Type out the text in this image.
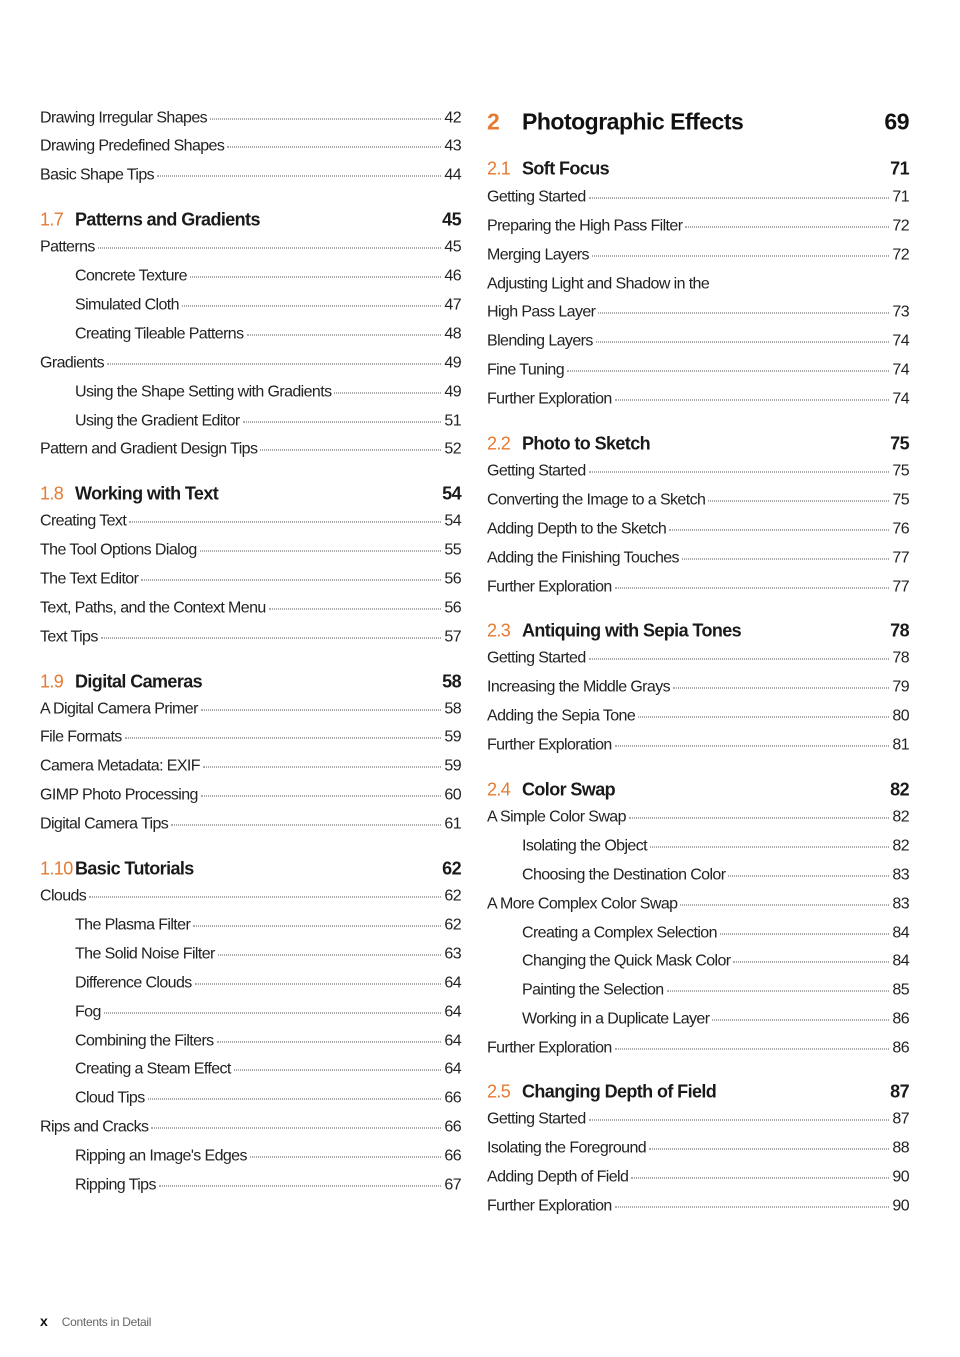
Drawing Irregular Shapes	42
Drawing Predefined Shapes	43
Basic Shape Tips	44
1.7 Patterns and Gradients	45
Patterns	45
Concrete Texture	46
Simulated Cloth	47
Creating Tileable Patterns	48
Gradients	49
Using the Shape Setting with Gradients	49
Using the Gradient Editor	51
Pattern and Gradient Design Tips	52
1.8 Working with Text	54
Creating Text	54
The Tool Options Dialog	55
The Text Editor	56
Text, Paths, and the Context Menu	56
Text Tips	57
1.9 Digital Cameras	58
A Digital Camera Primer	58
File Formats	59
Camera Metadata: EXIF	59
GIMP Photo Processing	60
Digital Camera Tips	61
1.10 Basic Tutorials	62
Clouds	62
The Plasma Filter	62
The Solid Noise Filter	63
Difference Clouds	64
Fog	64
Combining the Filters	64
Creating a Steam Effect	64
Cloud Tips	66
Rips and Cracks	66
Ripping an Image's Edges	66
Ripping Tips	67
2 Photographic Effects	69
2.1 Soft Focus	71
Getting Started	71
Preparing the High Pass Filter	72
Merging Layers	72
Adjusting Light and Shadow in the
High Pass Layer	73
Blending Layers	74
Fine Tuning	74
Further Exploration	74
2.2 Photo to Sketch	75
Getting Started	75
Converting the Image to a Sketch	75
Adding Depth to the Sketch	76
Adding the Finishing Touches	77
Further Exploration	77
2.3 Antiquing with Sepia Tones	78
Getting Started	78
Increasing the Middle Grays	79
Adding the Sepia Tone	80
Further Exploration	81
2.4 Color Swap	82
A Simple Color Swap	82
Isolating the Object	82
Choosing the Destination Color	83
A More Complex Color Swap	83
Creating a Complex Selection	84
Changing the Quick Mask Color	84
Painting the Selection	85
Working in a Duplicate Layer	86
Further Exploration	86
2.5 Changing Depth of Field	87
Getting Started	87
Isolating the Foreground	88
Adding Depth of Field	90
Further Exploration	90
x Contents in Detail
